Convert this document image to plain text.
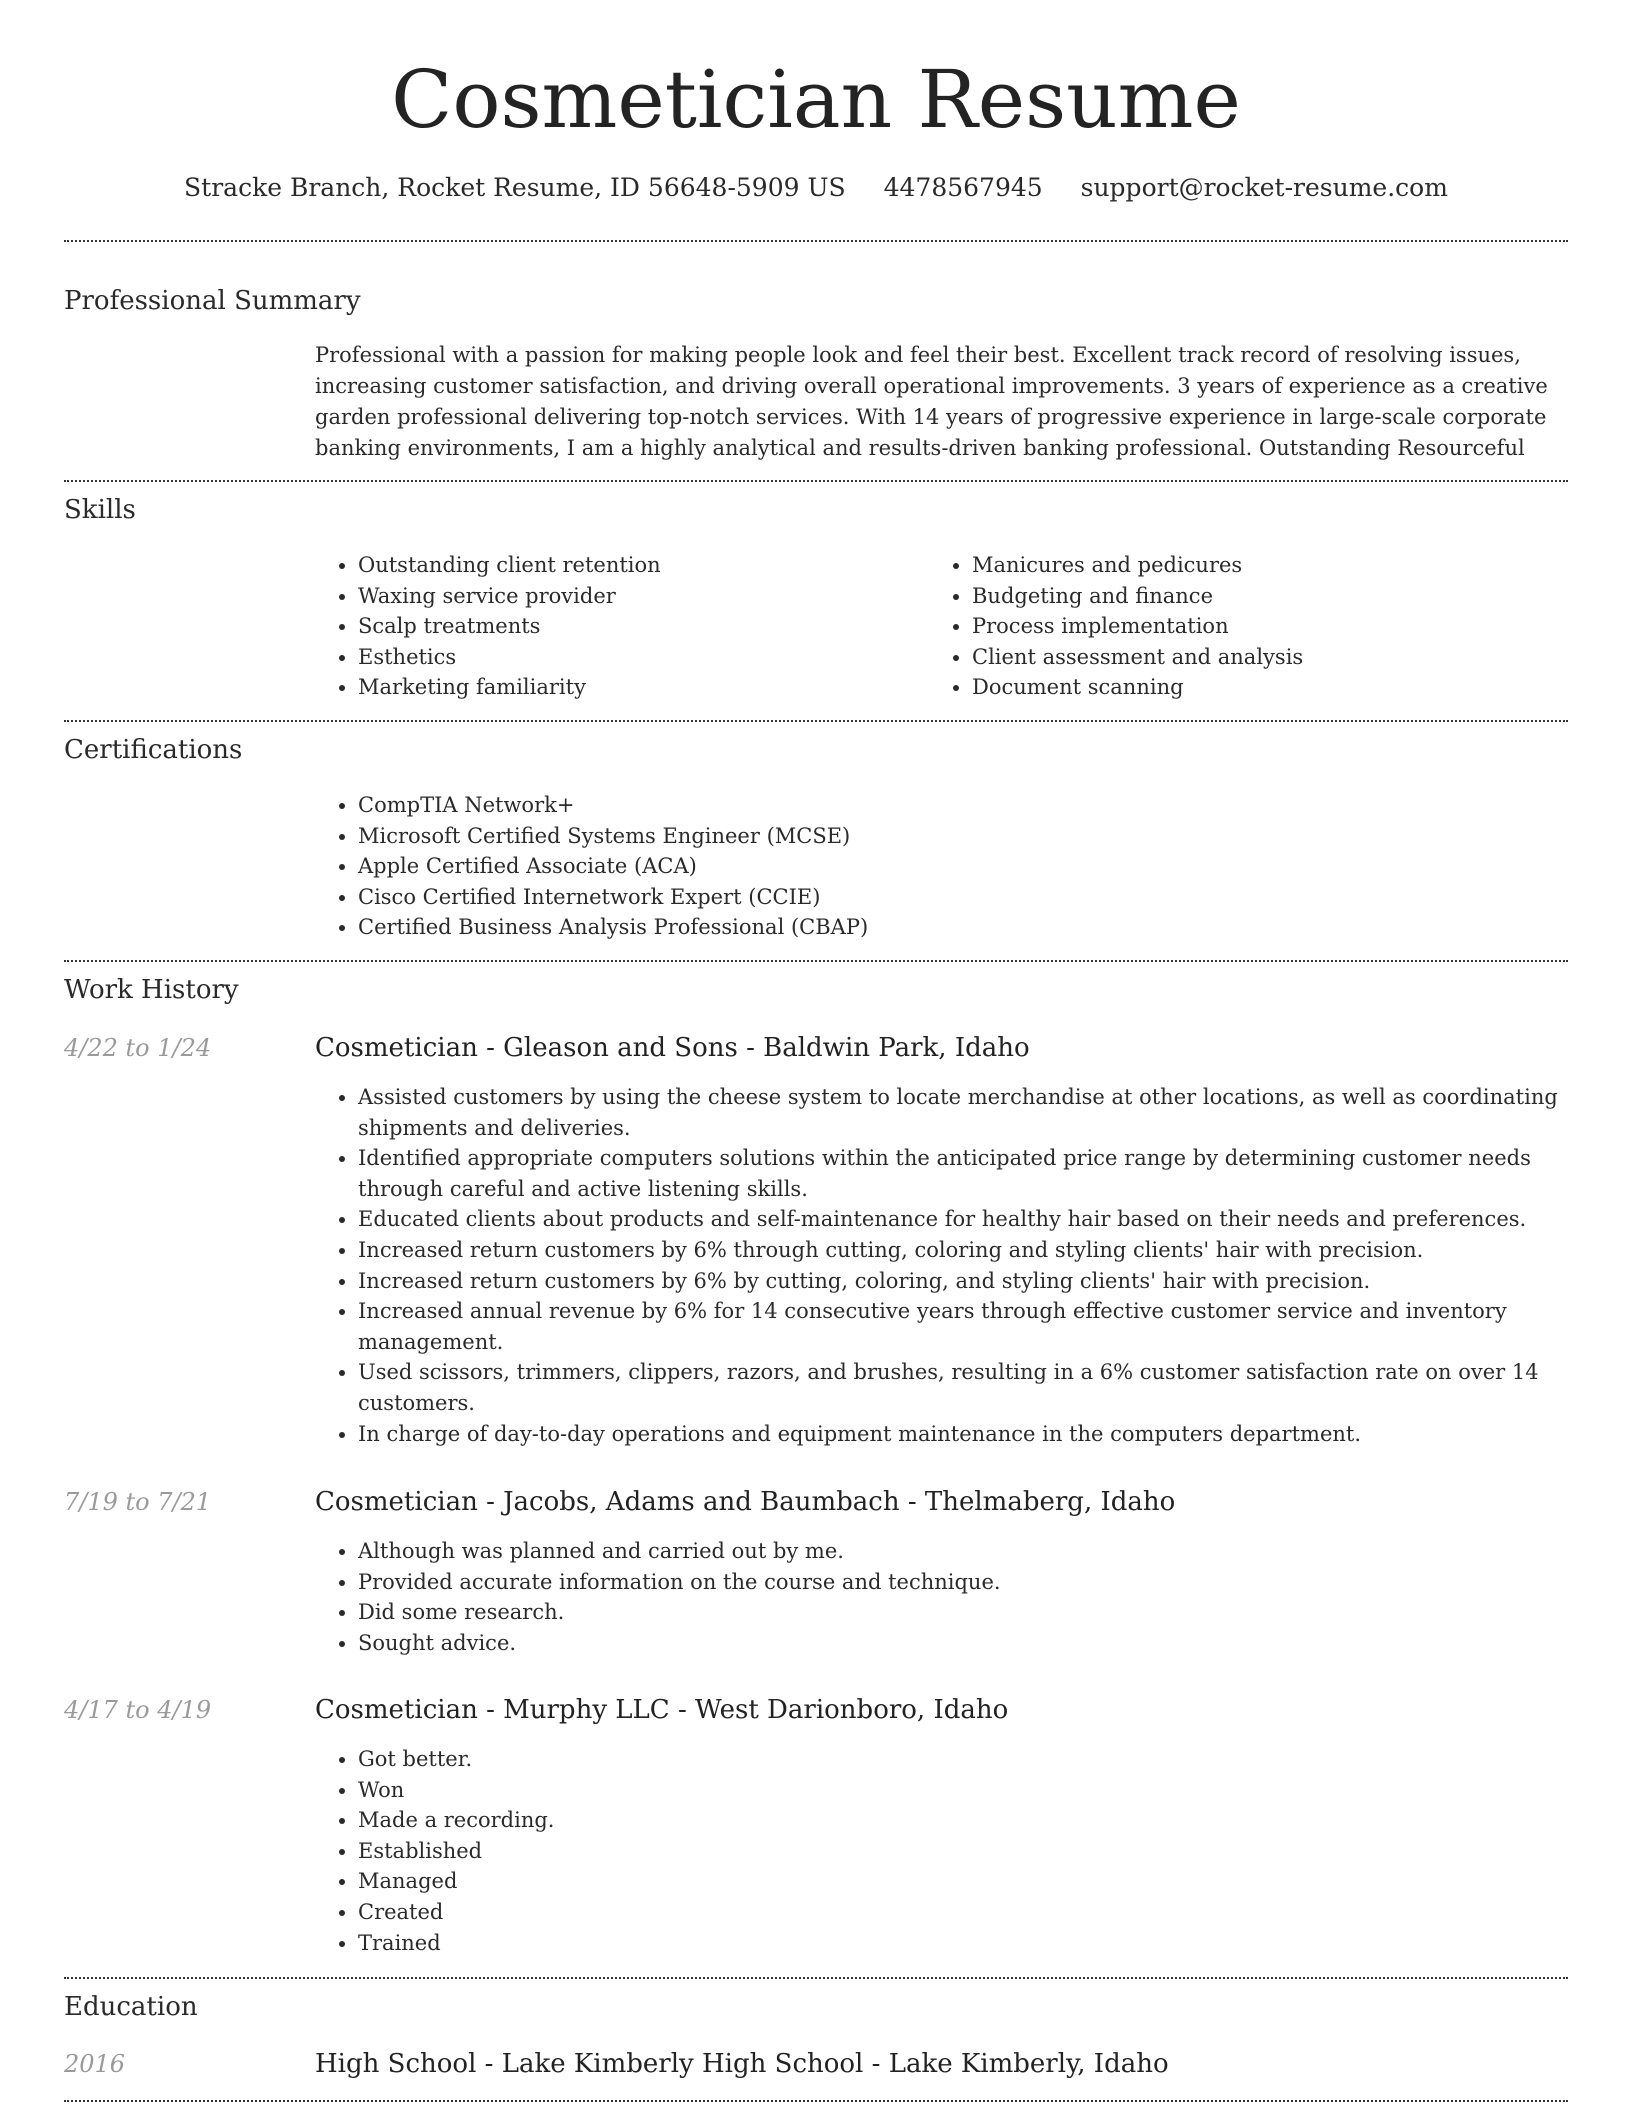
Cosmetician Resume
Stracke Branch, Rocket Resume, ID 56648-5909 US 4478567945 support@rocket-resume.com
Professional Summary
Professional with a passion for making people look and feel their best. Excellent track record of resolving issues, increasing customer satisfaction, and driving overall operational improvements. 3 years of experience as a creative garden professional delivering top-notch services. With 14 years of progressive experience in large-scale corporate banking environments, I am a highly analytical and results-driven banking professional. Outstanding Resourceful
Skills
• Outstanding client retention
• Waxing service provider
• Scalp treatments
• Esthetics
• Marketing familiarity
• Manicures and pedicures
• Budgeting and finance
• Process implementation
• Client assessment and analysis
• Document scanning
Certifications
• CompTIA Network+
• Microsoft Certified Systems Engineer (MCSE)
• Apple Certified Associate (ACA)
• Cisco Certified Internetwork Expert (CCIE)
• Certified Business Analysis Professional (CBAP)
Work History
4/22 to 1/24	Cosmetician - Gleason and Sons - Baldwin Park, Idaho
• Assisted customers by using the cheese system to locate merchandise at other locations, as well as coordinating shipments and deliveries.
• Identified appropriate computers solutions within the anticipated price range by determining customer needs through careful and active listening skills.
• Educated clients about products and self-maintenance for healthy hair based on their needs and preferences.
• Increased return customers by 6% through cutting, coloring and styling clients' hair with precision.
• Increased return customers by 6% by cutting, coloring, and styling clients' hair with precision.
• Increased annual revenue by 6% for 14 consecutive years through effective customer service and inventory management.
• Used scissors, trimmers, clippers, razors, and brushes, resulting in a 6% customer satisfaction rate on over 14 customers.
• In charge of day-to-day operations and equipment maintenance in the computers department.
7/19 to 7/21	Cosmetician - Jacobs, Adams and Baumbach - Thelmaberg, Idaho
• Although was planned and carried out by me.
• Provided accurate information on the course and technique.
• Did some research.
• Sought advice.
4/17 to 4/19	Cosmetician - Murphy LLC - West Darionboro, Idaho
• Got better.
• Won
• Made a recording.
• Established
• Managed
• Created
• Trained
Education
2016	High School - Lake Kimberly High School - Lake Kimberly, Idaho
